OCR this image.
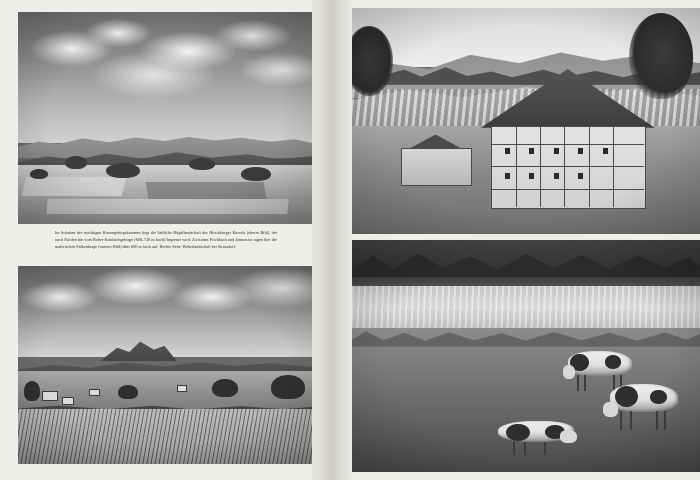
Im Schatten des mächtigen Riesengebirgskammes liegt die liebliche Hügellandschaft des Hirschberger Kessels (oberes Bild), der nach Norden hin vom Bober-Katzbachgebirge (600–720 m hoch) begrenzt wird. Zwischen Fischbach und Jannowitz ragen hier die malerischen Falkenberge (unteres Bild) über 600 m hoch auf. Rechte Seite: Boberlandschaft bei Strussdorf.
